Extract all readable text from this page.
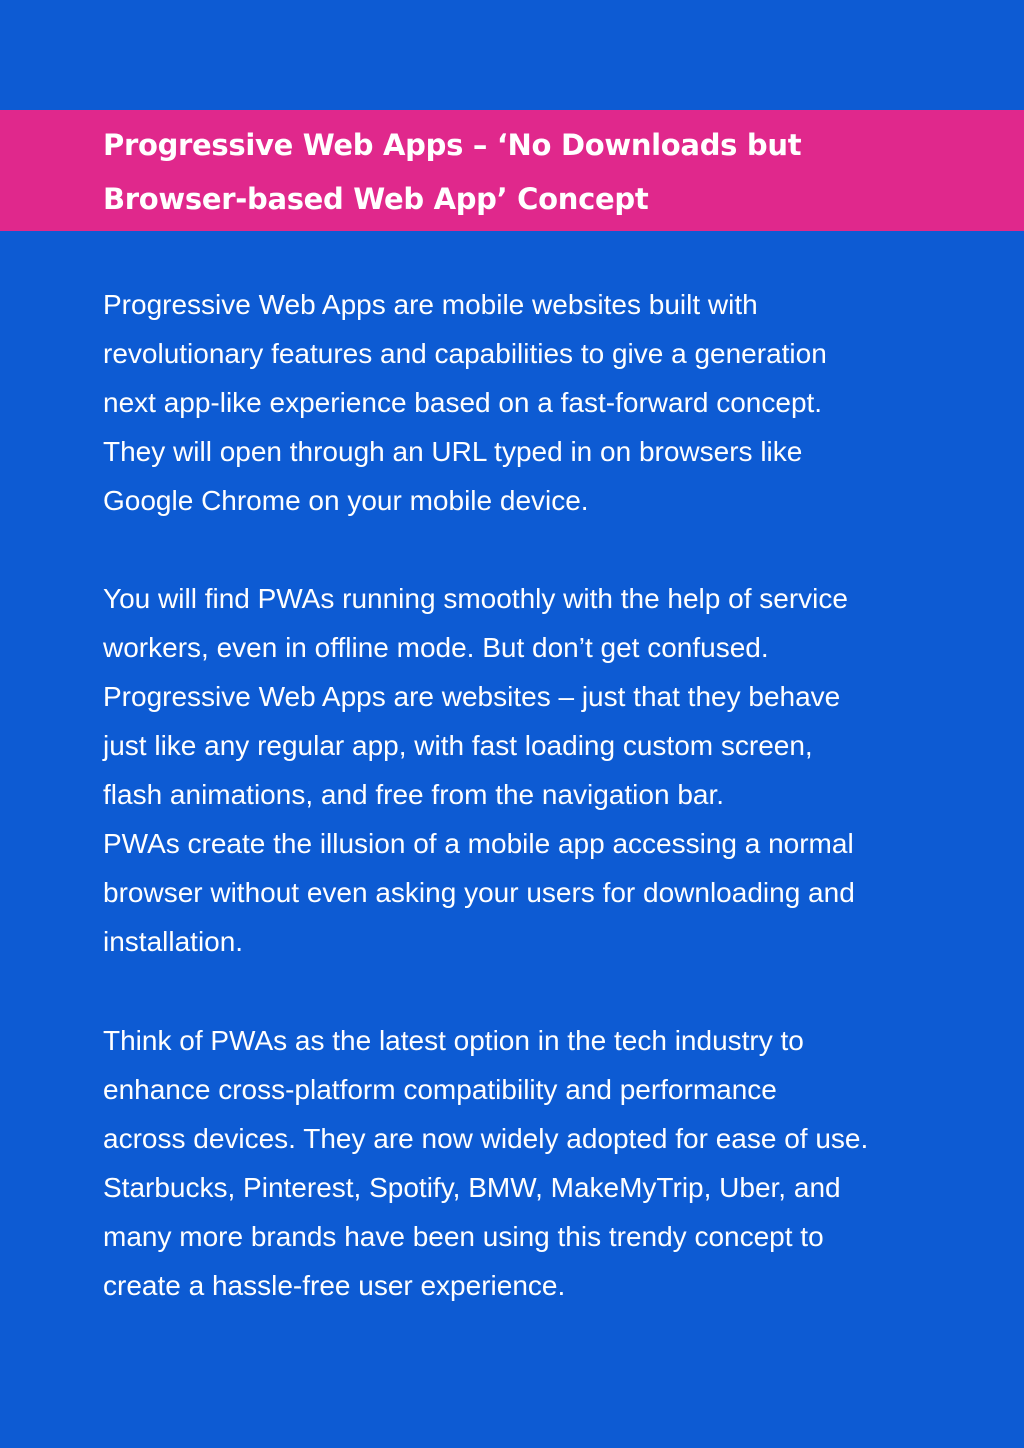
Progressive Web Apps – ‘No Downloads but
Browser-based Web App’ Concept
Progressive Web Apps are mobile websites built with
revolutionary features and capabilities to give a generation
next app-like experience based on a fast-forward concept.
They will open through an URL typed in on browsers like
Google Chrome on your mobile device.
You will find PWAs running smoothly with the help of service
workers, even in offline mode. But don’t get confused.
Progressive Web Apps are websites – just that they behave
just like any regular app, with fast loading custom screen,
flash animations, and free from the navigation bar.
PWAs create the illusion of a mobile app accessing a normal
browser without even asking your users for downloading and
installation.
Think of PWAs as the latest option in the tech industry to
enhance cross-platform compatibility and performance
across devices. They are now widely adopted for ease of use.
Starbucks, Pinterest, Spotify, BMW, MakeMyTrip, Uber, and
many more brands have been using this trendy concept to
create a hassle-free user experience.
